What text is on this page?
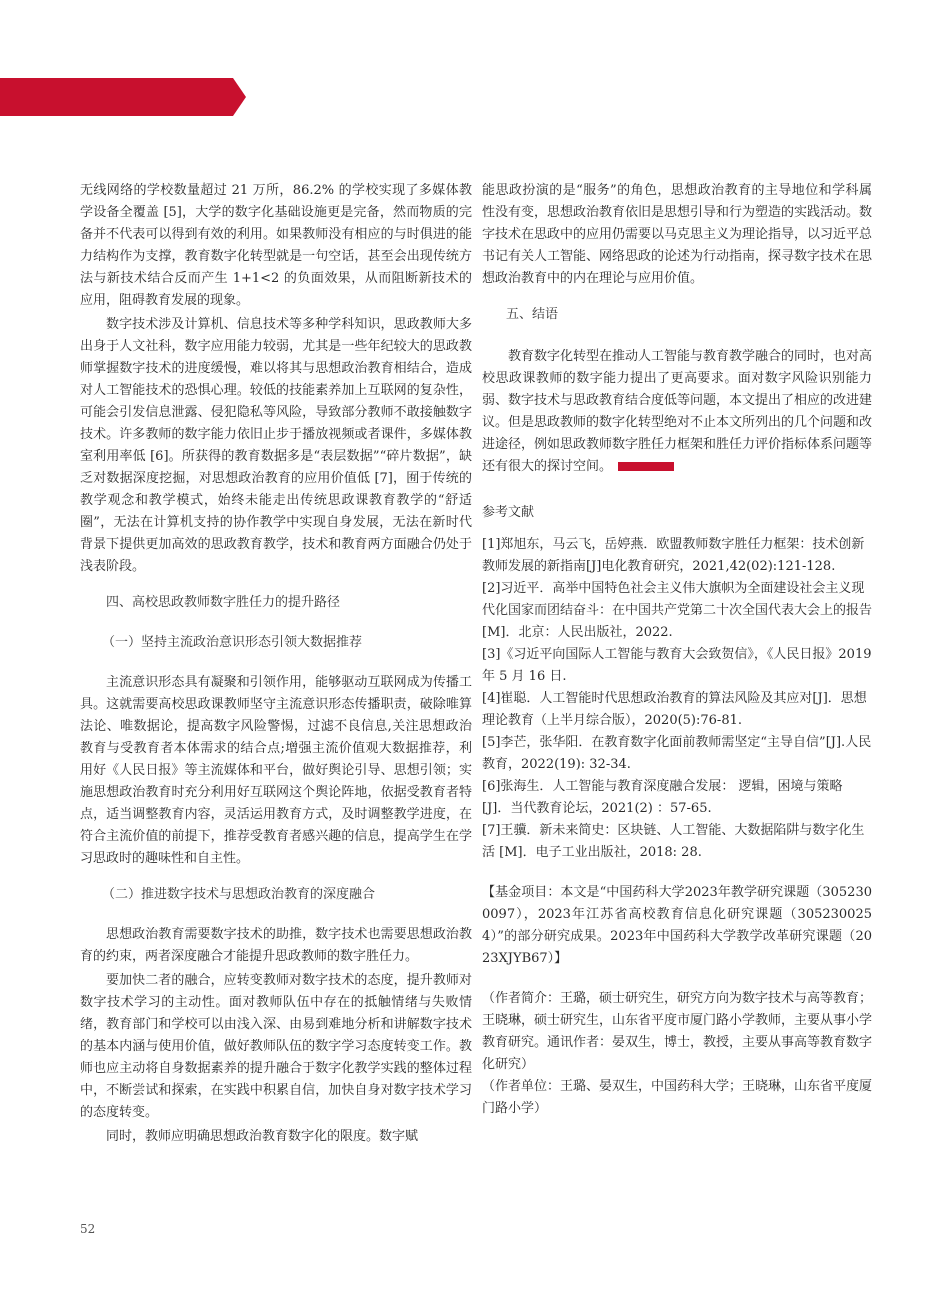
无线网络的学校数量超过 21 万所，86.2% 的学校实现了多媒体教学设备全覆盖 [5]，大学的数字化基础设施更是完备，然而物质的完备并不代表可以得到有效的利用。如果教师没有相应的与时俱进的能力结构作为支撑，教育数字化转型就是一句空话，甚至会出现传统方法与新技术结合反而产生 1+1<2 的负面效果，从而阻断新技术的应用，阻碍教育发展的现象。

数字技术涉及计算机、信息技术等多种学科知识，思政教师大多出身于人文社科，数字应用能力较弱，尤其是一些年纪较大的思政教师掌握数字技术的进度缓慢，难以将其与思想政治教育相结合，造成对人工智能技术的恐惧心理。较低的技能素养加上互联网的复杂性，可能会引发信息泄露、侵犯隐私等风险，导致部分教师不敢接触数字技术。许多教师的数字能力依旧止步于播放视频或者课件，多媒体教室利用率低 [6]。所获得的教育数据多是“表层数据”“碎片数据”，缺乏对数据深度挖掘，对思想政治教育的应用价值低 [7]，囿于传统的教学观念和教学模式，始终未能走出传统思政课教育教学的“舒适圈”，无法在计算机支持的协作教学中实现自身发展，无法在新时代背景下提供更加高效的思政教育教学，技术和教育两方面融合仍处于浅表阶段。

四、高校思政教师数字胜任力的提升路径
（一）坚持主流政治意识形态引领大数据推荐

主流意识形态具有凝聚和引领作用，能够驱动互联网成为传播工具。这就需要高校思政课教师坚守主流意识形态传播职责，破除唯算法论、唯数据论，提高数字风险警惕，过滤不良信息,关注思想政治教育与受教育者本体需求的结合点;增强主流价值观大数据推荐，利用好《人民日报》等主流媒体和平台，做好舆论引导、思想引领；实施思想政治教育时充分利用好互联网这个舆论阵地，依据受教育者特点，适当调整教育内容，灵活运用教育方式，及时调整教学进度，在符合主流价值的前提下，推荐受教育者感兴趣的信息，提高学生在学习思政时的趣味性和自主性。

（二）推进数字技术与思想政治教育的深度融合

思想政治教育需要数字技术的助推，数字技术也需要思想政治教育的约束，两者深度融合才能提升思政教师的数字胜任力。

要加快二者的融合，应转变教师对数字技术的态度，提升教师对数字技术学习的主动性。面对教师队伍中存在的抵触情绪与失败情绪，教育部门和学校可以由浅入深、由易到难地分析和讲解数字技术的基本内涵与使用价值，做好教师队伍的数字学习态度转变工作。教师也应主动将自身数据素养的提升融合于数字化教学实践的整体过程中，不断尝试和探索，在实践中积累自信，加快自身对数字技术学习的态度转变。

同时，教师应明确思想政治教育数字化的限度。数字赋

能思政扮演的是“服务”的角色，思想政治教育的主导地位和学科属性没有变，思想政治教育依旧是思想引导和行为塑造的实践活动。数字技术在思政中的应用仍需要以马克思主义为理论指导，以习近平总书记有关人工智能、网络思政的论述为行动指南，探寻数字技术在思想政治教育中的内在理论与应用价值。

五、结语

教育数字化转型在推动人工智能与教育教学融合的同时，也对高校思政课教师的数字能力提出了更高要求。面对数字风险识别能力弱、数字技术与思政教育结合度低等问题，本文提出了相应的改进建议。但是思政教师的数字化转型绝对不止本文所列出的几个问题和改进途径，例如思政教师数字胜任力框架和胜任力评价指标体系问题等还有很大的探讨空间。

参考文献

[1]郑旭东，马云飞，岳婷燕．欧盟教师数字胜任力框架：技术创新教师发展的新指南[J]电化教育研究，2021,42(02):121-128.

[2]习近平．高举中国特色社会主义伟大旗帜为全面建设社会主义现代化国家而团结奋斗：在中国共产党第二十次全国代表大会上的报告[M]．北京：人民出版社，2022.

[3]《习近平向国际人工智能与教育大会致贺信》，《人民日报》2019 年 5 月 16 日.

[4]崔聪．人工智能时代思想政治教育的算法风险及其应对[J]．思想理论教育（上半月综合版），2020(5):76-81.

[5]李芒，张华阳．在教育数字化面前教师需坚定“主导自信”[J].人民教育，2022(19): 32-34.

[6]张海生．人工智能与教育深度融合发展： 逻辑，困境与策略 [J]．当代教育论坛，2021(2) ：57-65.

[7]王骥．新未来简史：区块链、人工智能、大数据陷阱与数字化生活 [M]．电子工业出版社，2018: 28.

【基金项目：本文是“中国药科大学2023年教学研究课题（3052300097），2023年江苏省高校教育信息化研究课题（3052300254）”的部分研究成果。2023年中国药科大学教学改革研究课题（2023XJYB67）】

（作者简介：王璐，硕士研究生，研究方向为数字技术与高等教育；王晓琳，硕士研究生，山东省平度市厦门路小学教师，主要从事小学教育研究。通讯作者：晏双生，博士，教授，主要从事高等教育数字化研究）

（作者单位：王璐、晏双生，中国药科大学；王晓琳，山东省平度厦门路小学）

52
